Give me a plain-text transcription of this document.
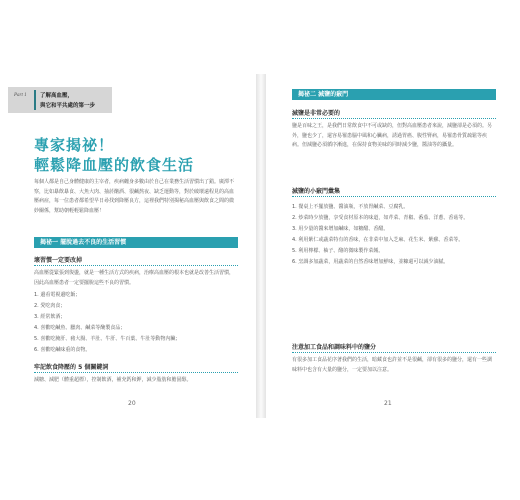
Part 1 了解高血壓，
與它和平共處的第一步
專家揭祕！
輕鬆降血壓的飲食生活
每個人都是自己身體健康的主宰者，疾病纏身多數由於自己在業務生活習慣出了錯。廣潭不察，比如暴飲暴食、大魚大肉、抽菸酗酒、很鹹熬夜、缺乏運動等，對於破壞遠程見的高血壓病症，每一位患者都希望早日尋找到降壓良方，這裡我們特別揭秘高血壓與飲食之間的微妙關係，幫助朝輕輕鬆降血壓！
揭祕一 擺脫過去不良的生活習慣
壞習慣一定要改掉
高血壓從緊張到復盪，就是一種生活方式的疾病，治療高血壓的根本也就是改善生活習慣，因此高血壓患者一定要擺脫這些不良的習慣。
1. 邊看電視邊吃飯；
2. 愛吃肉食；
3. 經常飲酒；
4. 喜歡吃鹹魚、臘肉、鹹菜等醃製食品；
5. 喜歡吃腌肝、豬大腸、羊肚、牛肝、牛百葉、牛肚等動物內臟；
6. 喜歡吃鹹味重的食物。
牢記飲食降壓的 5 個關鍵詞
減糖、減肥（體重超標），控制飲酒，補充鈣和鉀，減少脂肪和膽固醇。
20
揭祕二 減鹽的竅門
減鹽是非常必要的
鹽是百味之王，是我們日常飲食中不可或缺的，但對高血壓患者來說，減鹽卻是必須的。另外，鹽也少了，還容易罹患腦中風和心臟病，誘過胃癌、腹性腎病，易罹患骨質疏鬆等疾病。但減鹽必須循序漸進，在保持食物美味的同時減少鹽，醬油等的攝量。
減鹽的小竅門彙集
1. 餐桌上不擺放鹽、醬油瓶，不放胃鹹菜、豆腐乳。
2. 炒菜時少放鹽，享受食材原本的味道，如芹菜、青椒、番茄、洋蔥、香菇等。
3. 用少量的醬來增加鹹味，如糖醋、香醋。
4. 利用紫仁或蔬菜特有的香味，在非菜中加入芝麻、花生米、紫蘇、香菜等。
5. 利用檸檬、柚子、酪的微味製作菜餚。
6. 烹調多加蔬菜，用蔬菜的自然香味增加鮮味，並糠還可以減少油膩。
注意加工食品和調味料中的鹽分
有很多加工食品花序著我們的生活，暗藏食也許並不是很鹹，卻有很多的鹽分，還有一些調味料中也含有大量的鹽分，一定要加以注意。
21
